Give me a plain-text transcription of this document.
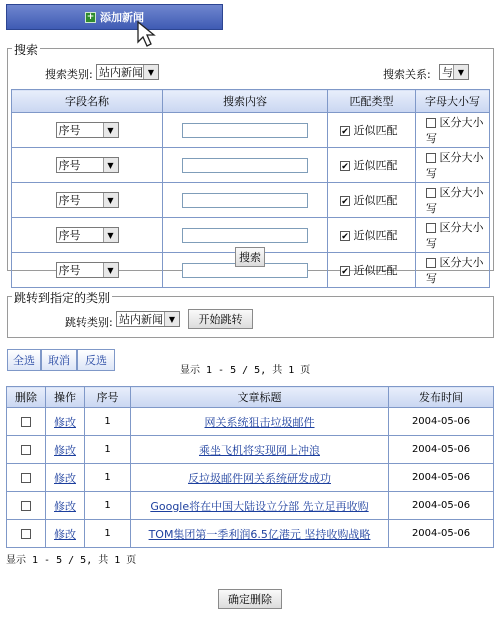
+ 添加新闻
搜索
搜索类别: 站内新闻 ▼	搜索关系: 与 ▼
字段名称	搜索内容	匹配类型	字母大小写

序号 ▼		✔ 近似匹配	区分大小写

序号 ▼		✔ 近似匹配	区分大小写

序号 ▼		✔ 近似匹配	区分大小写

序号 ▼		✔ 近似匹配	区分大小写

序号 ▼		✔ 近似匹配	区分大小写
搜索
跳转到指定的类别
跳转类别: 站内新闻 ▼	开始跳转
全选	取消	反选
显示 1 - 5 / 5, 共 1 页
删除	操作	序号	文章标题	发布时间
	修改	1	网关系统狙击垃圾邮件	2004-05-06
	修改	1	乘坐飞机将实现网上冲浪	2004-05-06
	修改	1	反垃圾邮件网关系统研发成功	2004-05-06
	修改	1	Google将在中国大陆设立分部 先立足再收购	2004-05-06
	修改	1	TOM集团第一季利润6.5亿港元 坚持收购战略	2004-05-06
显示 1 - 5 / 5, 共 1 页
确定删除
